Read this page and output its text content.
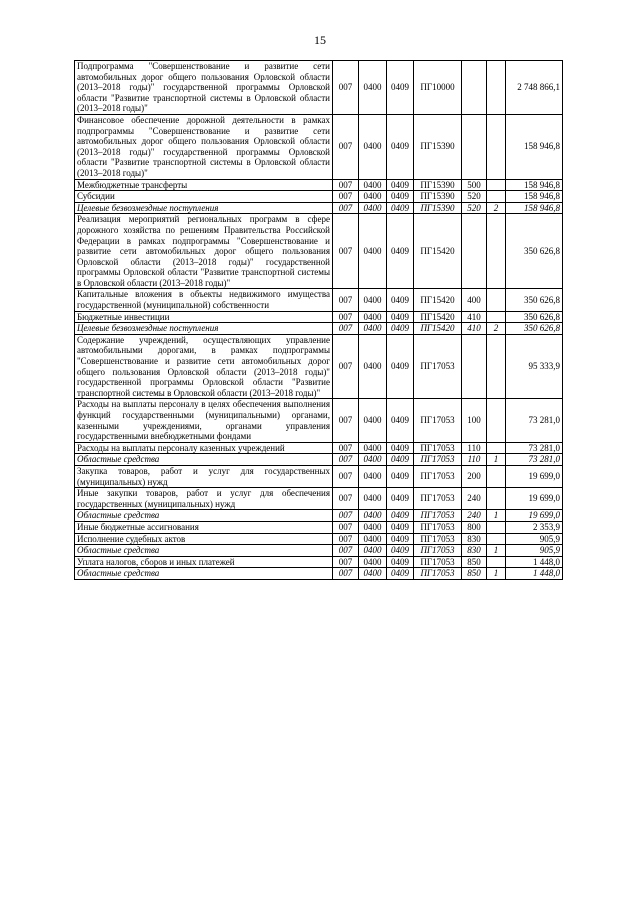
15
Подпрограмма "Совершенствование и развитие сети автомобильных дорог общего пользования Орловской области (2013–2018 годы)" государственной программы Орловской области "Развитие транспортной системы в Орловской области (2013–2018 годы)"	007	0400	0409	ПГ10000			2 748 866,1
Финансовое обеспечение дорожной деятельности в рамках подпрограммы "Совершенствование и развитие сети автомобильных дорог общего пользования Орловской области (2013–2018 годы)" государственной программы Орловской области "Развитие транспортной системы в Орловской области (2013–2018 годы)"	007	0400	0409	ПГ15390			158 946,8
Межбюджетные трансферты	007	0400	0409	ПГ15390	500		158 946,8
Субсидии	007	0400	0409	ПГ15390	520		158 946,8
Целевые безвозмездные поступления	007	0400	0409	ПГ15390	520	2	158 946,8
Реализация мероприятий региональных программ в сфере дорожного хозяйства по решениям Правительства Российской Федерации в рамках подпрограммы "Совершенствование и развитие сети автомобильных дорог общего пользования Орловской области (2013–2018 годы)" государственной программы Орловской области "Развитие транспортной системы в Орловской области (2013–2018 годы)"	007	0400	0409	ПГ15420			350 626,8
Капитальные вложения в объекты недвижимого имущества государственной (муниципальной) собственности	007	0400	0409	ПГ15420	400		350 626,8
Бюджетные инвестиции	007	0400	0409	ПГ15420	410		350 626,8
Целевые безвозмездные поступления	007	0400	0409	ПГ15420	410	2	350 626,8
Содержание учреждений, осуществляющих управление автомобильными дорогами, в рамках подпрограммы "Совершенствование и развитие сети автомобильных дорог общего пользования Орловской области (2013–2018 годы)" государственной программы Орловской области "Развитие транспортной системы в Орловской области (2013–2018 годы)"	007	0400	0409	ПГ17053			95 333,9
Расходы на выплаты персоналу в целях обеспечения выполнения функций государственными (муниципальными) органами, казенными учреждениями, органами управления государственными внебюджетными фондами	007	0400	0409	ПГ17053	100		73 281,0
Расходы на выплаты персоналу казенных учреждений	007	0400	0409	ПГ17053	110		73 281,0
Областные средства	007	0400	0409	ПГ17053	110	1	73 281,0
Закупка товаров, работ и услуг для государственных (муниципальных) нужд	007	0400	0409	ПГ17053	200		19 699,0
Иные закупки товаров, работ и услуг для обеспечения государственных (муниципальных) нужд	007	0400	0409	ПГ17053	240		19 699,0
Областные средства	007	0400	0409	ПГ17053	240	1	19 699,0
Иные бюджетные ассигнования	007	0400	0409	ПГ17053	800		2 353,9
Исполнение судебных актов	007	0400	0409	ПГ17053	830		905,9
Областные средства	007	0400	0409	ПГ17053	830	1	905,9
Уплата налогов, сборов и иных платежей	007	0400	0409	ПГ17053	850		1 448,0
Областные средства	007	0400	0409	ПГ17053	850	1	1 448,0
